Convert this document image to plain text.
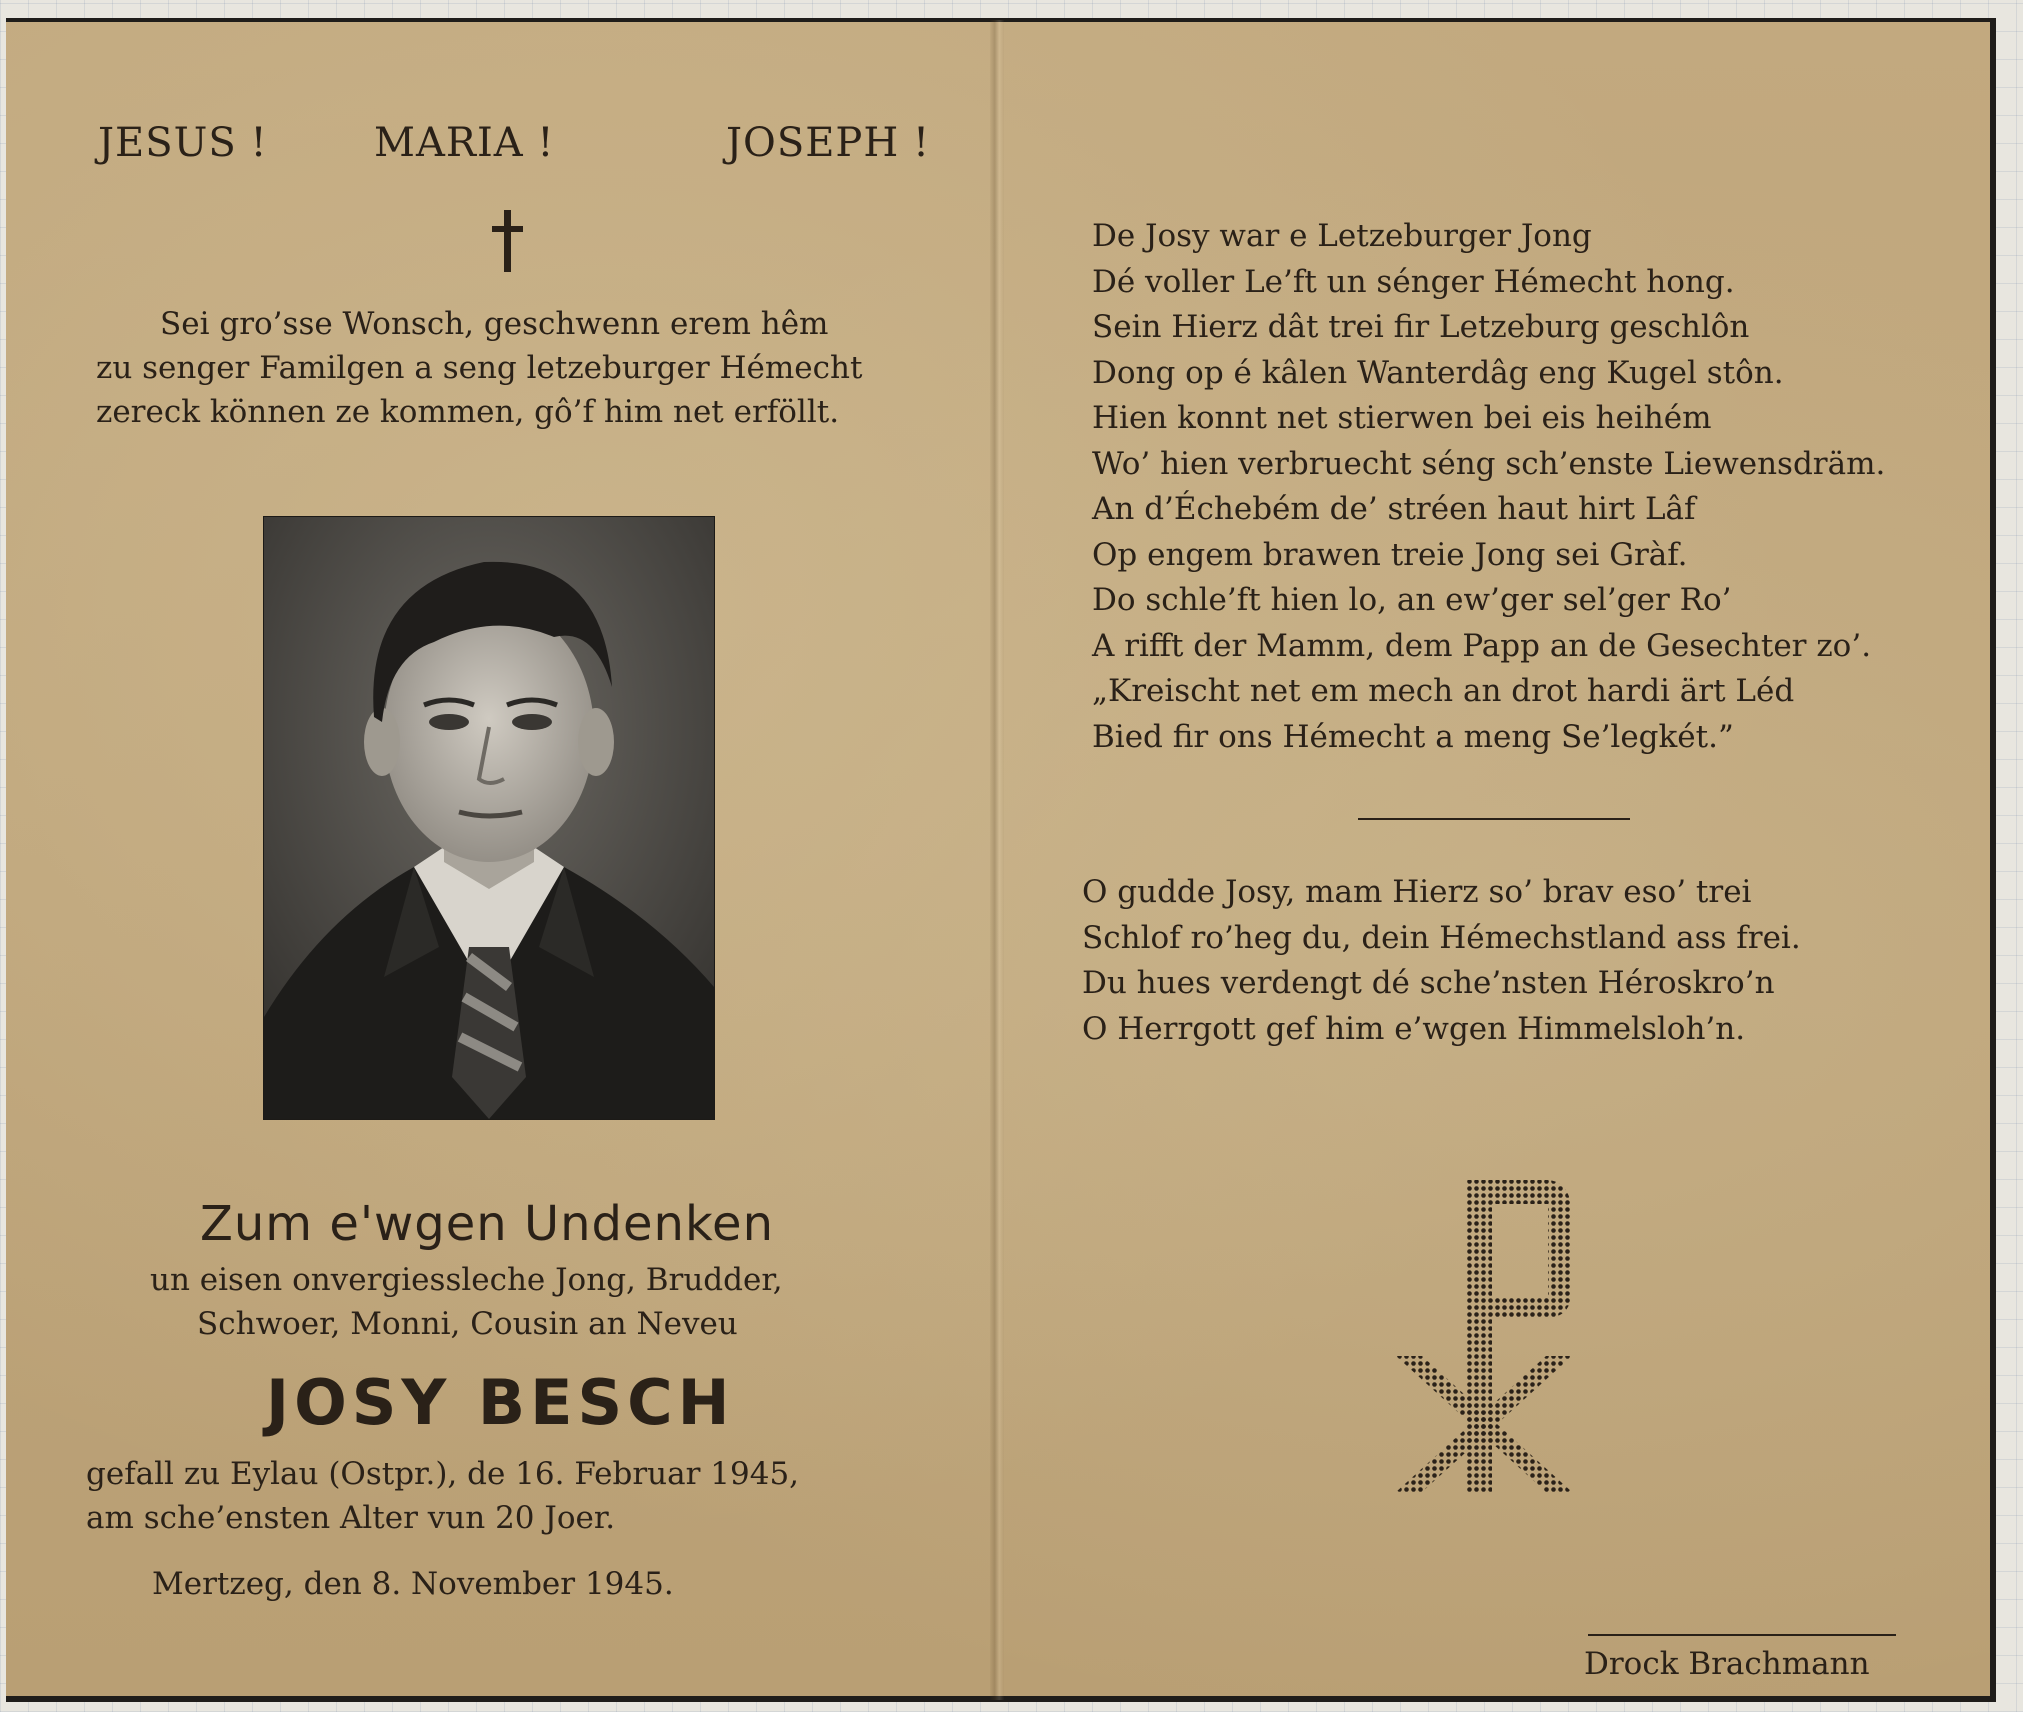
JESUS !	MARIA !	JOSEPH !
Sei gro’sse Wonsch, geschwenn erem hêm
zu senger Familgen a seng letzeburger Hémecht
zereck können ze kommen, gô’f him net erföllt.
Zum e'wgen Undenken
un eisen onvergiessleche Jong, Brudder,
Schwoer, Monni, Cousin an Neveu
JOSY BESCH
gefall zu Eylau (Ostpr.), de 16. Februar 1945,
am sche’ensten Alter vun 20 Joer.
Mertzeg, den 8. November 1945.
De Josy war e Letzeburger Jong
Dé voller Le’ft un sénger Hémecht hong.
Sein Hierz dât trei fir Letzeburg geschlôn
Dong op é kâlen Wanterdâg eng Kugel stôn.
Hien konnt net stierwen bei eis heihém
Wo’ hien verbruecht séng sch’enste Liewensdräm.
An d’Échebém de’ stréen haut hirt Lâf
Op engem brawen treie Jong sei Gràf.
Do schle’ft hien lo, an ew’ger sel’ger Ro’
A rifft der Mamm, dem Papp an de Gesechter zo’.
„Kreischt net em mech an drot hardi ärt Léd
Bied fir ons Hémecht a meng Se’legkét.”
O gudde Josy, mam Hierz so’ brav eso’ trei
Schlof ro’heg du, dein Hémechstland ass frei.
Du hues verdengt dé sche’nsten Héroskro’n
O Herrgott gef him e’wgen Himmelsloh’n.
Drock Brachmann
